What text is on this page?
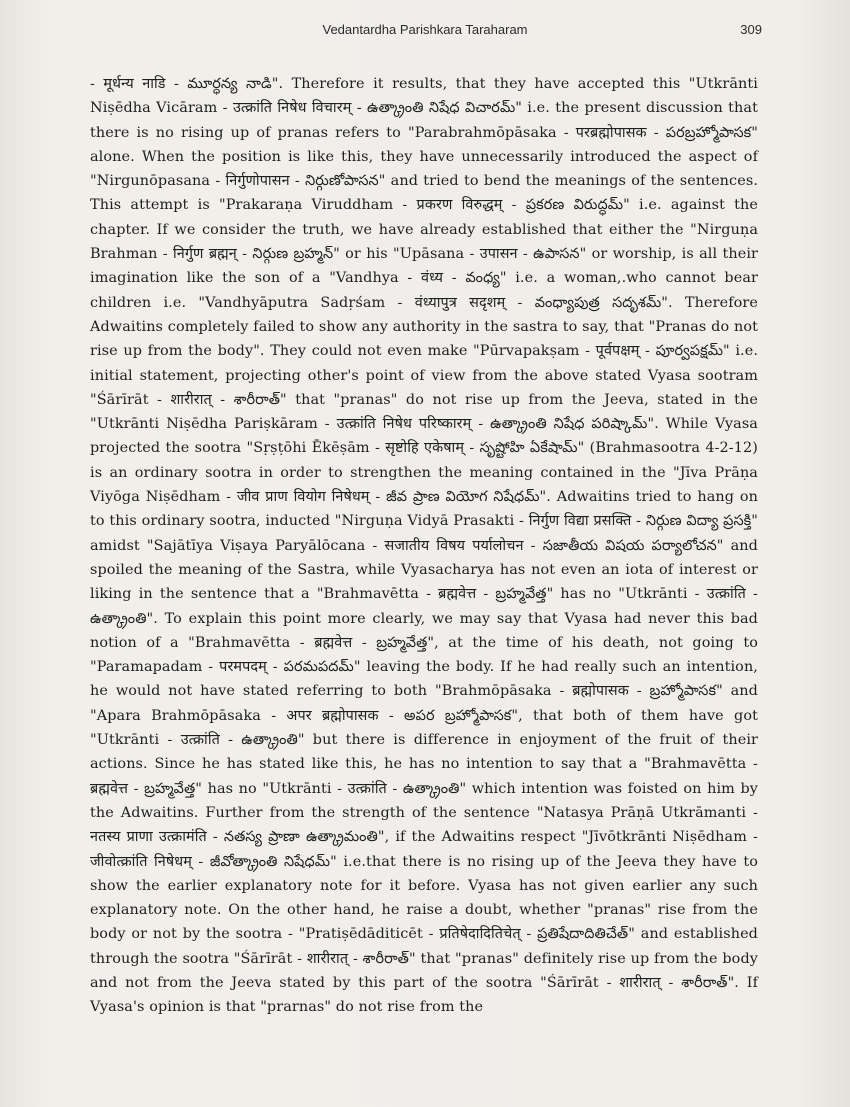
Vedantardha Parishkara Taraharam	309

- मूर्धन्य नाडि - మూర్ధన్య నాడి". Therefore it results, that they have accepted this "Utkrānti Niṣēdha Vicāram - उत्क्रांति निषेध विचारम् - ఉత్క్రాంతి నిషేధ విచారమ్" i.e. the present discussion that there is no rising up of pranas refers to "Parabrahmōpāsaka - परब्रह्मोपासक - పరబ్రహ్మోపాసక" alone. When the position is like this, they have unnecessarily introduced the aspect of "Nirgunōpasana - निर्गुणोपासन - నిర్గుణోపాసన" and tried to bend the meanings of the sentences. This attempt is "Prakaraṇa Viruddham - प्रकरण विरुद्धम् - ప్రకరణ విరుద్ధమ్" i.e. against the chapter. If we consider the truth, we have already established that either the "Nirguṇa Brahman - निर्गुण ब्रह्मन् - నిర్గుణ బ్రహ్మన్" or his "Upāsana - उपासन - ఉపాసన" or worship, is all their imagination like the son of a "Vandhya - वंध्य - వంధ్య" i.e. a woman,.who cannot bear children i.e. "Vandhyāputra Sadṛśam - वंध्यापुत्र सदृशम् - వంధ్యాపుత్ర సదృశమ్". Therefore Adwaitins completely failed to show any authority in the sastra to say, that "Pranas do not rise up from the body". They could not even make "Pūrvapakṣam - पूर्वपक्षम् - పూర్వపక్షమ్" i.e. initial statement, projecting other's point of view from the above stated Vyasa sootram "Śārīrāt - शारीरात् - శారీరాత్" that "pranas" do not rise up from the Jeeva, stated in the "Utkrānti Niṣēdha Pariṣkāram - उत्क्रांति निषेध परिष्कारम् - ఉత్క్రాంతి నిషేధ పరిష్కామ్". While Vyasa projected the sootra "Sṛṣṭōhi Ēkēṣām - सृष्टोहि एकेषाम् - సృష్టోహి ఏకేషామ్" (Brahmasootra 4-2-12) is an ordinary sootra in order to strengthen the meaning contained in the "Jīva Prāṇa Viyōga Niṣēdham - जीव प्राण वियोग निषेधम् - జీవ ప్రాణ వియోగ నిషేధమ్". Adwaitins tried to hang on to this ordinary sootra, inducted "Nirguṇa Vidyā Prasakti - निर्गुण विद्या प्रसक्ति - నిర్గుణ విద్యా ప్రసక్తి" amidst "Sajātīya Viṣaya Paryālōcana - सजातीय विषय पर्यालोचन - సజాతీయ విషయ పర్యాలోచన" and spoiled the meaning of the Sastra, while Vyasacharya has not even an iota of interest or liking in the sentence that a "Brahmavētta - ब्रह्मवेत्त - బ్రహ్మవేత్త" has no "Utkrānti - उत्क्रांति - ఉత్క్రాంతి". To explain this point more clearly, we may say that Vyasa had never this bad notion of a "Brahmavētta - ब्रह्मवेत्त - బ్రహ్మవేత్త", at the time of his death, not going to "Paramapadam - परमपदम् - పరమపదమ్" leaving the body. If he had really such an intention, he would not have stated referring to both "Brahmōpāsaka - ब्रह्मोपासक - బ్రహ్మోపాసక" and "Apara Brahmōpāsaka - अपर ब्रह्मोपासक - అపర బ్రహ్మోపాసక", that both of them have got "Utkrānti - उत्क्रांति - ఉత్క్రాంతి" but there is difference in enjoyment of the fruit of their actions. Since he has stated like this, he has no intention to say that a "Brahmavētta - ब्रह्मवेत्त - బ్రహ్మవేత్త" has no "Utkrānti - उत्क्रांति - ఉత్క్రాంతి" which intention was foisted on him by the Adwaitins. Further from the strength of the sentence "Natasya Prāṇā Utkrāmanti - नतस्य प्राणा उत्क्रामंति - నతస్య ప్రాణా ఉత్క్రామంతి", if the Adwaitins respect "Jīvōtkrānti Niṣēdham - जीवोत्क्रांति निषेधम् - జీవోత్క్రాంతి నిషేధమ్" i.e.that there is no rising up of the Jeeva they have to show the earlier explanatory note for it before. Vyasa has not given earlier any such explanatory note. On the other hand, he raise a doubt, whether "pranas" rise from the body or not by the sootra - "Pratiṣēdāditicēt - प्रतिषेदादितिचेत् - ప్రతిషేదాదితిచేత్" and established through the sootra "Śārīrāt - शारीरात् - శారీరాత్" that "pranas" definitely rise up from the body and not from the Jeeva stated by this part of the sootra "Śārīrāt - शारीरात् - శారీరాత్". If Vyasa's opinion is that "prarnas" do not rise from the
